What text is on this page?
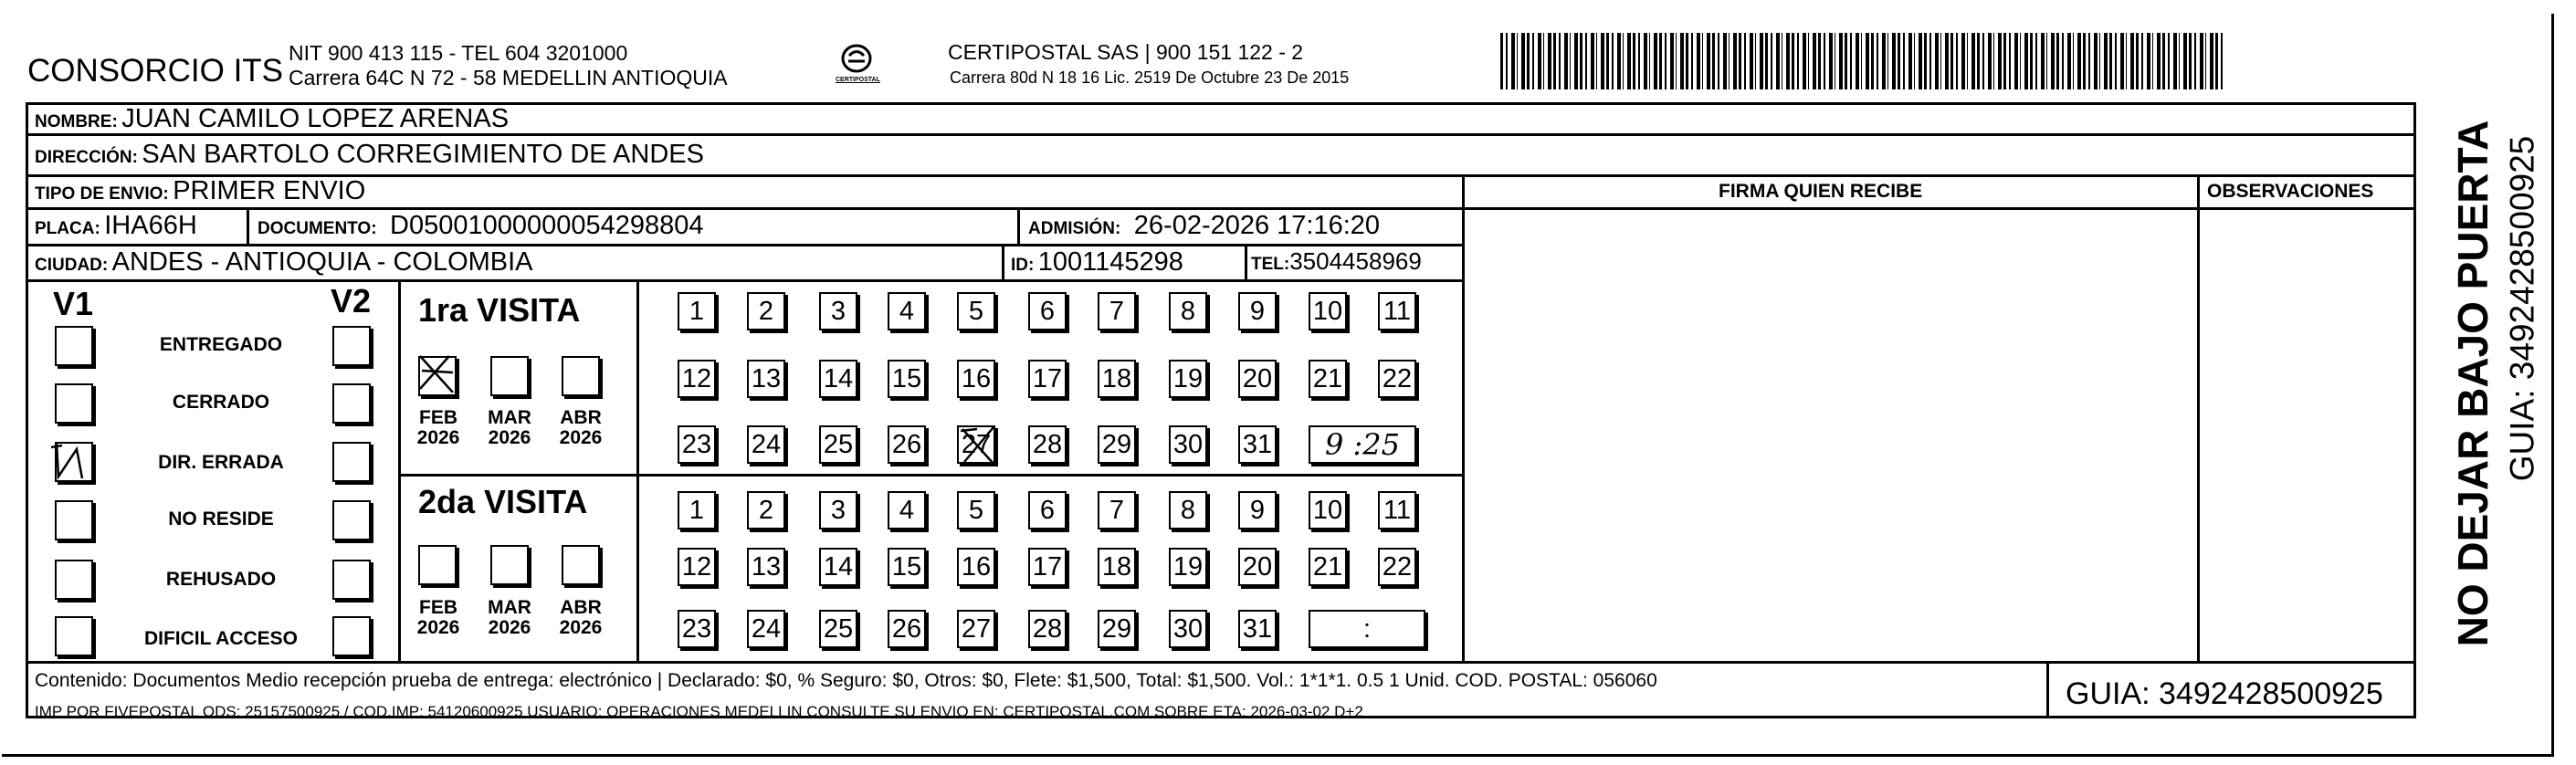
CONSORCIO ITS NIT 900 413 115 - TEL 604 3201000
Carrera 64C N 72 - 58 MEDELLIN ANTIOQUIA	CERTIPOSTAL
CERTIPOSTAL SAS | 900 151 122 - 2
Carrera 80d N 18 16 Lic. 2519 De Octubre 23 De 2015
NOMBRE: JUAN CAMILO LOPEZ ARENAS
DIRECCIÓN: SAN BARTOLO CORREGIMIENTO DE ANDES
TIPO DE ENVIO: PRIMER ENVIO
PLACA: IHA66H	DOCUMENTO: D05001000000054298804	ADMISIÓN: 26-02-2026 17:16:20
CIUDAD: ANDES - ANTIOQUIA - COLOMBIA	ID: 1001145298	TEL:3504458969
FIRMA QUIEN RECIBE	OBSERVACIONES
V1	V2
ENTREGADO
CERRADO
DIR. ERRADA
NO RESIDE
REHUSADO
DIFICIL ACCESO
1ra VISITA
FEB
2026
MAR
2026
ABR
2026
1	2	3	4	5	6	7	8	9	10 11
12 13 14 15 16 17 18 19 20 21 22
23 24 25 26 27 28 29 30 31 9 :25
2da VISITA
FEB
2026
MAR
2026
ABR
2026
1	2	3	4	5	6	7	8	9	10 11
12 13 14 15 16 17 18 19 20 21 22
23 24 25 26 27 28 29 30 31	:
Contenido: Documentos Medio recepción prueba de entrega: electrónico | Declarado: $0, % Seguro: $0, Otros: $0, Flete: $1,500, Total: $1,500. Vol.: 1*1*1. 0.5 1 Unid. COD. POSTAL: 056060
IMP POR FIVEPOSTAL ODS: 25157500925 / COD.IMP: 54120600925 USUARIO: OPERACIONES MEDELLIN CONSULTE SU ENVIO EN: CERTIPOSTAL.COM SOBRE ETA: 2026-03-02 D+2
GUIA: 3492428500925
NO DEJAR BAJO PUERTA GUIA: 3492428500925
